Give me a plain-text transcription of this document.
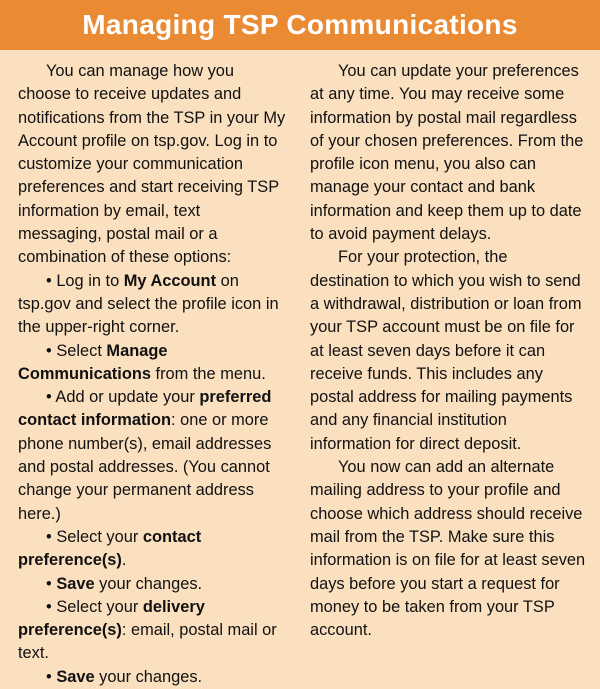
Managing TSP Communications

You can manage how you choose to receive updates and notifications from the TSP in your My Account profile on tsp.gov. Log in to customize your communication preferences and start receiving TSP information by email, text messaging, postal mail or a combination of these options:

• Log in to My Account on tsp.gov and select the profile icon in the upper-right corner.
• Select Manage Communications from the menu.
• Add or update your preferred contact information: one or more phone number(s), email addresses and postal addresses. (You cannot change your permanent address here.)
• Select your contact preference(s).
• Save your changes.
• Select your delivery preference(s): email, postal mail or text.
• Save your changes.

You can update your preferences at any time. You may receive some information by postal mail regardless of your chosen preferences. From the profile icon menu, you also can manage your contact and bank information and keep them up to date to avoid payment delays.

For your protection, the destination to which you wish to send a withdrawal, distribution or loan from your TSP account must be on file for at least seven days before it can receive funds. This includes any postal address for mailing payments and any financial institution information for direct deposit.

You now can add an alternate mailing address to your profile and choose which address should receive mail from the TSP. Make sure this information is on file for at least seven days before you start a request for money to be taken from your TSP account.
